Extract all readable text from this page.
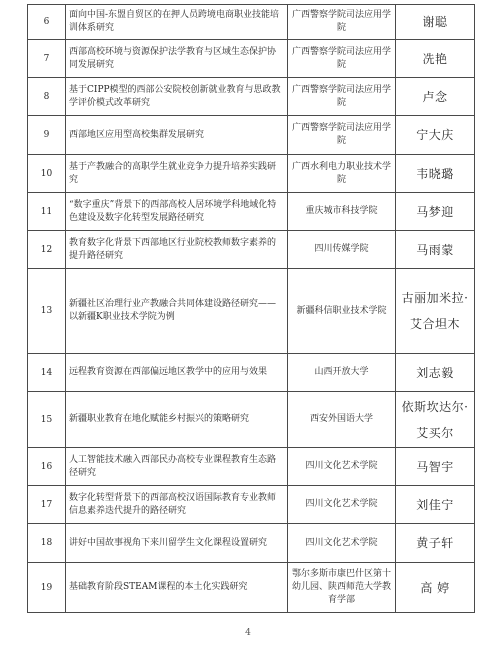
6	面向中国-东盟自贸区的在押人员跨境电商职业技能培训体系研究	广西警察学院司法应用学院	谢聪
7	西部高校环境与资源保护法学教育与区域生态保护协同发展研究	广西警察学院司法应用学院	冼艳
8	基于CIPP模型的西部公安院校创新就业教育与思政教学评价模式改革研究	广西警察学院司法应用学院	卢念
9	西部地区应用型高校集群发展研究	广西警察学院司法应用学院	宁大庆
10	基于产教融合的高职学生就业竞争力提升培养实践研究	广西水利电力职业技术学院	韦晓璐
11	“数字重庆”背景下的西部高校人居环境学科地域化特色建设及数字化转型发展路径研究	重庆城市科技学院	马梦迎
12	教育数字化背景下西部地区行业院校教师数字素养的提升路径研究	四川传媒学院	马雨蒙
13	新疆社区治理行业产教融合共同体建设路径研究——以新疆K职业技术学院为例	新疆科信职业技术学院	古丽加米拉·艾合坦木
14	远程教育资源在西部偏远地区教学中的应用与效果	山西开放大学	刘志毅
15	新疆职业教育在地化赋能乡村振兴的策略研究	西安外国语大学	依斯坎达尔·艾买尔
16	人工智能技术融入西部民办高校专业课程教育生态路径研究	四川文化艺术学院	马智宇
17	数字化转型背景下的西部高校汉语国际教育专业教师信息素养迭代提升的路径研究	四川文化艺术学院	刘佳宁
18	讲好中国故事视角下来川留学生文化课程设置研究	四川文化艺术学院	黄子轩
19	基础教育阶段STEAM课程的本土化实践研究	鄂尔多斯市康巴什区第十幼儿园、陕西师范大学教育学部	高 婷
4
